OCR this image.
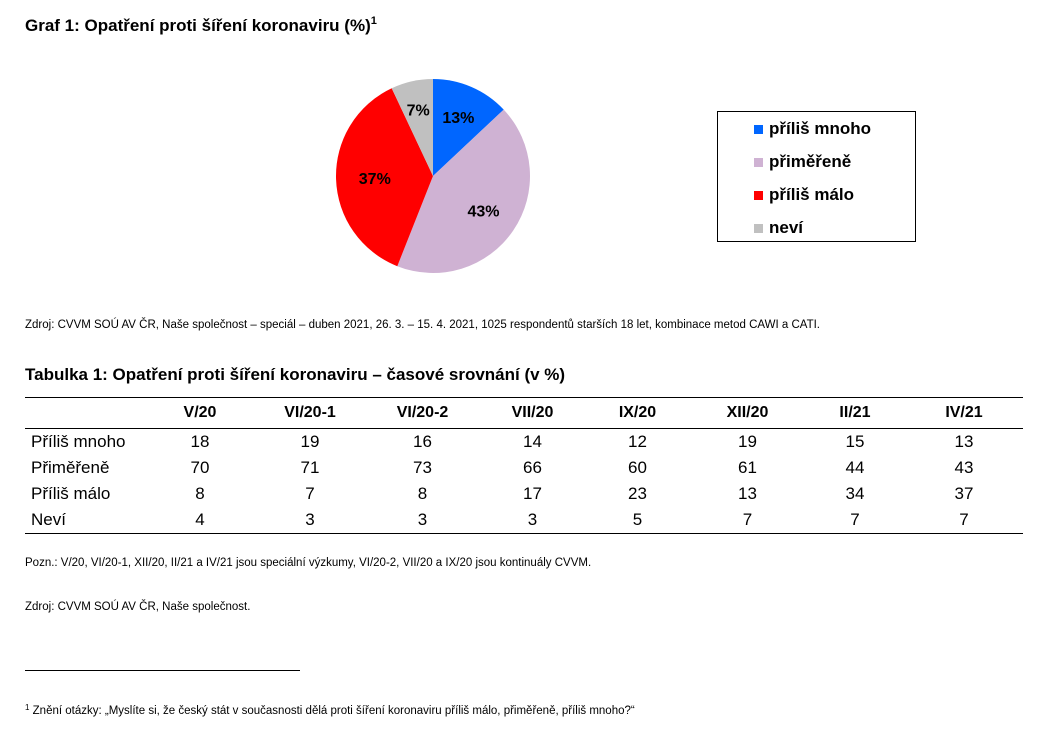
Graf 1: Opatření proti šíření koronaviru (%)$^1$
13%
43%
37%
7%
příliš mnoho
přiměřeně
příliš málo
neví
Zdroj: CVVM SOÚ AV ČR, Naše společnost – speciál – duben 2021, 26. 3. – 15. 4. 2021, 1025 respondentů starších 18 let, kombinace metod CAWI a CATI.
Tabulka 1: Opatření proti šíření koronaviru – časové srovnání (v %)
	V/20	VI/20-1	VI/20-2	VII/20	IX/20	XII/20	II/21	IV/21
Příliš mnoho	18	19	16	14	12	19	15	13
Přiměřeně	70	71	73	66	60	61	44	43
Příliš málo	8	7	8	17	23	13	34	37
Neví	4	3	3	3	5	7	7	7
Pozn.: V/20, VI/20-1, XII/20, II/21 a IV/21 jsou speciální výzkumy, VI/20-2, VII/20 a IX/20 jsou kontinuály CVVM.
Zdroj: CVVM SOÚ AV ČR, Naše společnost.
$^1$ Znění otázky: „Myslíte si, že český stát v současnosti dělá proti šíření koronaviru příliš málo, přiměřeně, příliš mnoho?“
